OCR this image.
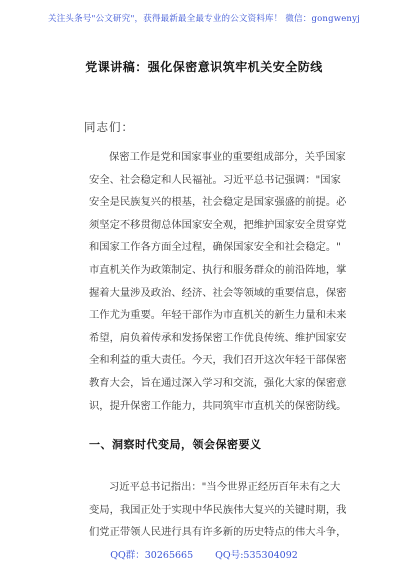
关注头条号"公文研究"，获得最新最全最专业的公文资料库！ 微信：gongwenyj
党课讲稿：强化保密意识筑牢机关安全防线
同志们：
保密工作是党和国家事业的重要组成部分，关乎国家
安全、社会稳定和人民福祉。习近平总书记强调："国家
安全是民族复兴的根基，社会稳定是国家强盛的前提。必
须坚定不移贯彻总体国家安全观，把维护国家安全贯穿党
和国家工作各方面全过程，确保国家安全和社会稳定。"
市直机关作为政策制定、执行和服务群众的前沿阵地，掌
握着大量涉及政治、经济、社会等领域的重要信息，保密
工作尤为重要。年轻干部作为市直机关的新生力量和未来
希望，肩负着传承和发扬保密工作优良传统、维护国家安
全和利益的重大责任。今天，我们召开这次年轻干部保密
教育大会，旨在通过深入学习和交流，强化大家的保密意
识，提升保密工作能力，共同筑牢市直机关的保密防线。
一、洞察时代变局，领会保密要义
习近平总书记指出："当今世界正经历百年未有之大
变局，我国正处于实现中华民族伟大复兴的关键时期，我
们党正带领人民进行具有许多新的历史特点的伟大斗争，
QQ群：30265665 QQ号:535304092
